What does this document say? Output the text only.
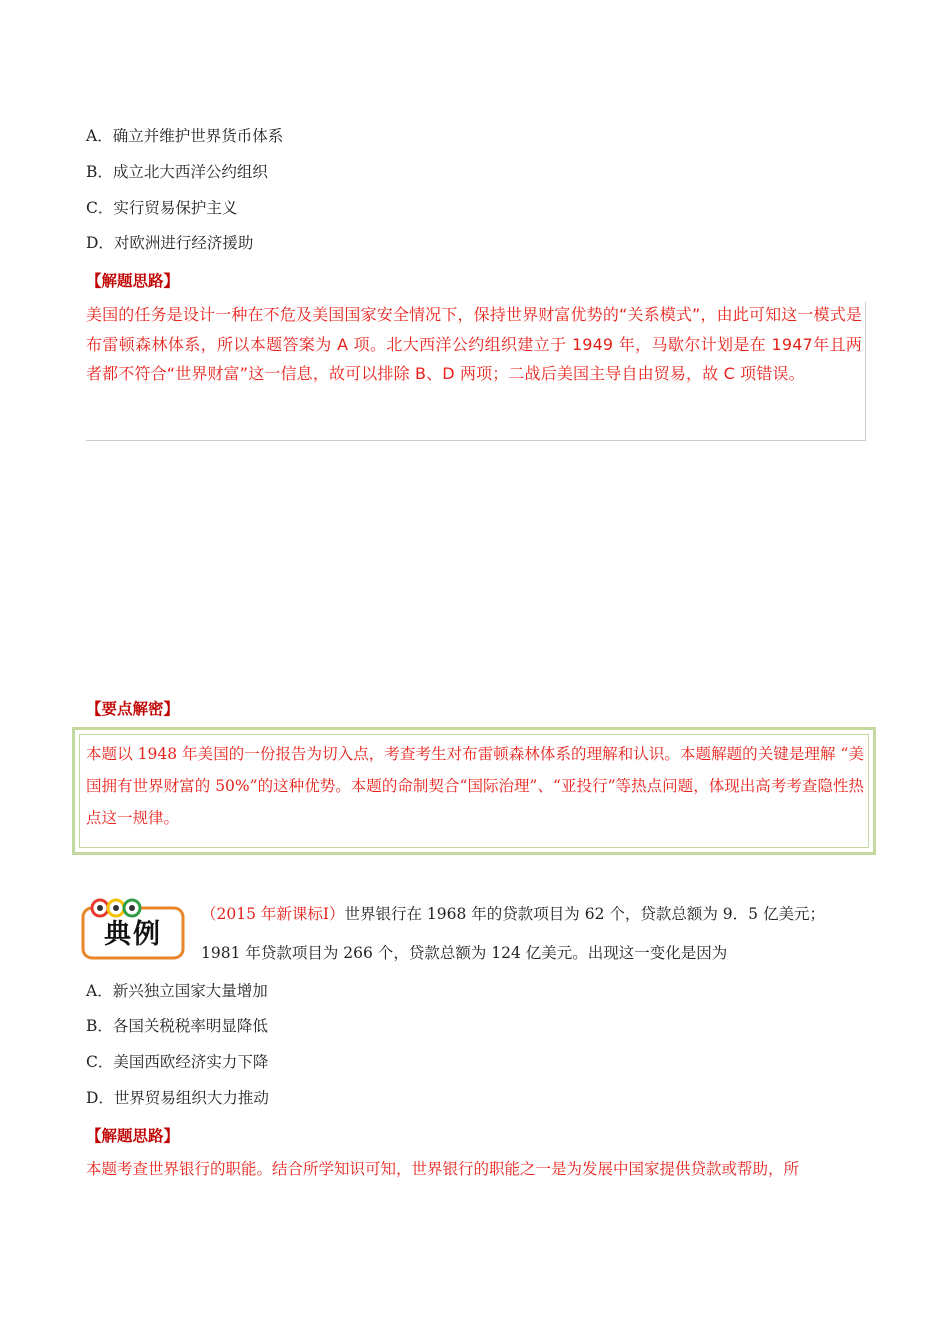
A．确立并维护世界货币体系
B．成立北大西洋公约组织
C．实行贸易保护主义
D．对欧洲进行经济援助
【解题思路】
美国的任务是设计一种在不危及美国国家安全情况下，保持世界财富优势的“关系模式”，由此可知这一模式是布雷顿森林体系，所以本题答案为 A 项。北大西洋公约组织建立于 1949 年，马歇尔计划是在 1947年且两者都不符合“世界财富”这一信息，故可以排除 B、D 两项；二战后美国主导自由贸易，故 C 项错误。
【要点解密】
本题以 1948 年美国的一份报告为切入点，考查考生对布雷顿森林体系的理解和认识。本题解题的关键是理解 “美国拥有世界财富的 50%”的这种优势。本题的命制契合“国际治理”、“亚投行”等热点问题，体现出高考考查隐性热点这一规律。
典例
（2015 年新课标Ⅰ）世界银行在 1968 年的贷款项目为 62 个，贷款总额为 9．5 亿美元；
1981 年贷款项目为 266 个，贷款总额为 124 亿美元。出现这一变化是因为
A．新兴独立国家大量增加
B．各国关税税率明显降低
C．美国西欧经济实力下降
D．世界贸易组织大力推动
【解题思路】
本题考查世界银行的职能。结合所学知识可知，世界银行的职能之一是为发展中国家提供贷款或帮助，所
